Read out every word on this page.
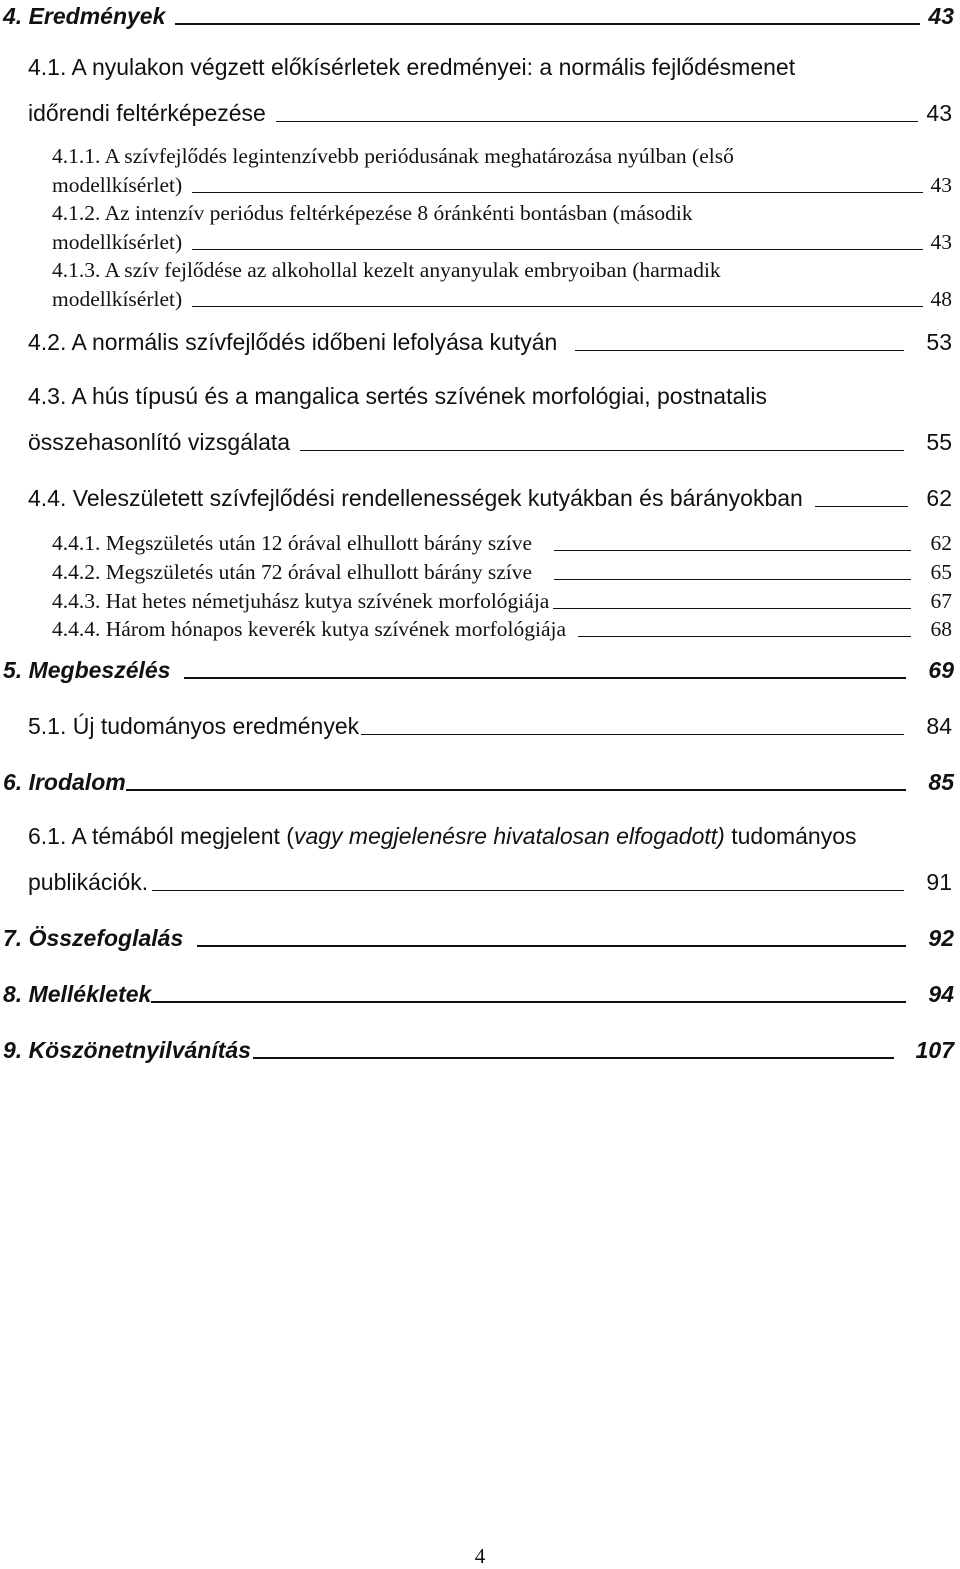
4. Eredmények	43
4.1. A nyulakon végzett előkísérletek eredményei: a normális fejlődésmenet
időrendi feltérképezése	43
4.1.1. A szívfejlődés legintenzívebb periódusának meghatározása nyúlban (első
modellkísérlet)	43
4.1.2. Az intenzív periódus feltérképezése 8 óránkénti bontásban (második
modellkísérlet)	43
4.1.3. A szív fejlődése az alkohollal kezelt anyanyulak embryoiban (harmadik
modellkísérlet)	48
4.2. A normális szívfejlődés időbeni lefolyása kutyán	53
4.3. A hús típusú és a mangalica sertés szívének morfológiai, postnatalis
összehasonlító vizsgálata	55
4.4. Veleszületett szívfejlődési rendellenességek kutyákban és bárányokban	62
4.4.1. Megszületés után 12 órával elhullott bárány szíve	62
4.4.2. Megszületés után 72 órával elhullott bárány szíve	65
4.4.3. Hat hetes németjuhász kutya szívének morfológiája	67
4.4.4. Három hónapos keverék kutya szívének morfológiája	68
5. Megbeszélés	69
5.1. Új tudományos eredmények	84
6. Irodalom	85
6.1. A témából megjelent (vagy megjelenésre hivatalosan elfogadott) tudományos
publikációk.	91
7. Összefoglalás	92
8. Mellékletek	94
9. Köszönetnyilvánítás	107
4
